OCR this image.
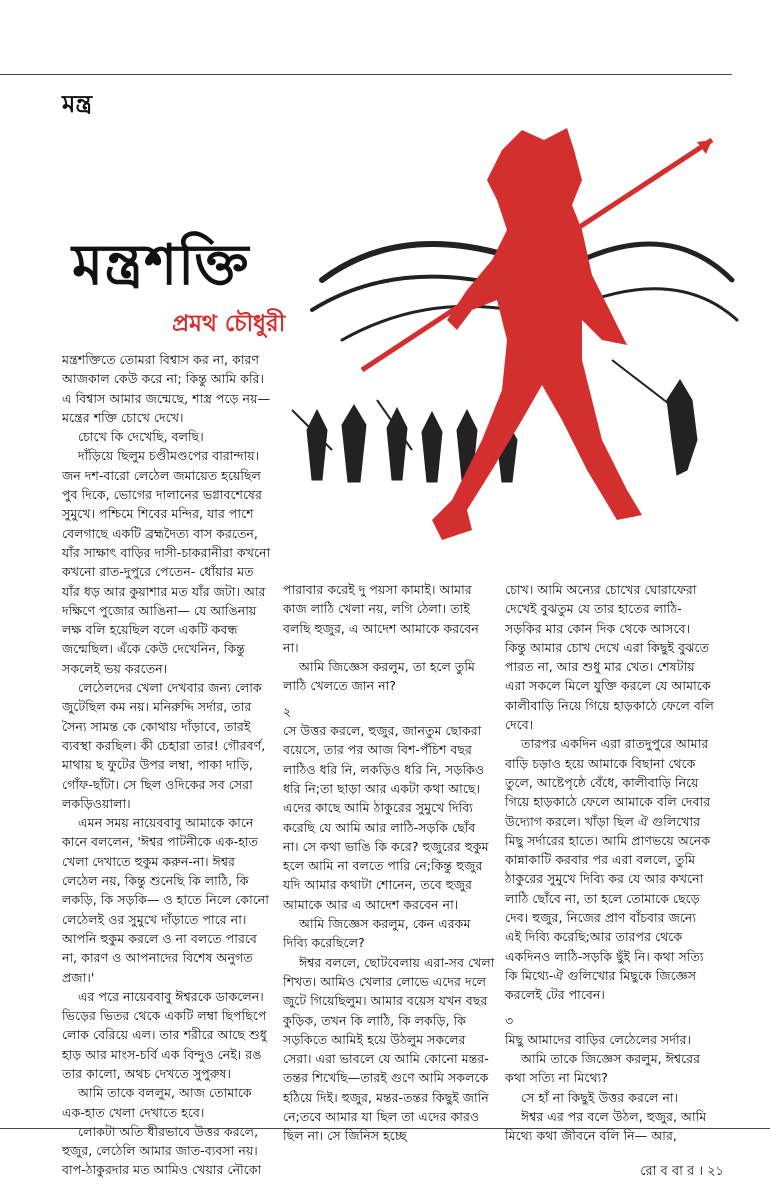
মন্ত্র
মন্ত্রশক্তি
প্রমথ চৌধুরী

মন্ত্রশক্তিতে তোমরা বিশ্বাস কর না, কারণ আজকাল কেউ করে না; কিন্তু আমি করি। এ বিশ্বাস আমার জন্মেছে, শাস্ত্র পড়ে নয়— মন্ত্রের শক্তি চোখে দেখে।

চোখে কি দেখেছি, বলছি।

দাঁড়িয়ে ছিলুম চণ্ডীমণ্ডপের বারান্দায়। জন দশ-বারো লেঠেল জমায়েত হয়েছিল পুব দিকে, ভোগের দালানের ভগ্নাবশেষের সুমুখে। পশ্চিমে শিবের মন্দির, যার পাশে বেলগাছে একটি ব্রহ্মদৈত্য বাস করতেন, যাঁর সাক্ষাৎ বাড়ির দাসী-চাকরানীরা কখনো কখনো রাত-দুপুরে পেতেন- ধোঁয়ার মত যাঁর ধড় আর কুয়াশার মত যাঁর জটা। আর দক্ষিণে পুজোর আঙিনা— যে আঙিনায় লক্ষ বলি হয়েছিল বলে একটি কবন্ধ জন্মেছিল। এঁকে কেউ দেখেনিন, কিন্তু সকলেই ভয় করতেন।

লেঠেলদের খেলা দেখবার জন্য লোক জুটেছিল কম নয়। মনিরুদ্দি সর্দার, তার সৈন্য সামন্ত কে কোথায় দাঁড়াবে, তারই ব্যবস্থা করছিল। কী চেহারা তার! গৌরবর্ণ, মাথায় ছ ফুটের উপর লম্বা, পাকা দাড়ি, গোঁফ-ছাঁটা। সে ছিল ওদিকের সব সেরা লকড়িওয়ালা।

এমন সময় নায়েববাবু আমাকে কানে কানে বললেন, 'ঈশ্বর পাটনীকে এক-হাত খেলা দেখাতে হুকুম করুন-না। ঈশ্বর লেঠেল নয়, কিন্তু শুনেছি কি লাঠি, কি লকড়ি, কি সড়কি— ও হাতে নিলে কোনো লেঠেলই ওর সুমুখে দাঁড়াতে পারে না। আপনি হুকুম করলে ও না বলতে পারবে না, কারণ ও আপনাদের বিশেষ অনুগত প্রজা।'

এর পরে নায়েববাবু ঈশ্বরকে ডাকলেন। ভিড়ের ভিতর থেকে একটি লম্বা ছিপছিপে লোক বেরিয়ে এল। তার শরীরে আছে শুধু হাড় আর মাংস-চর্বি এক বিন্দুও নেই। রঙ তার কালো, অথচ দেখতে সুপুরুষ।

আমি তাকে বললুম, আজ তোমাকে এক-হাত খেলা দেখাতে হবে।

লোকটা অতি ধীরভাবে উত্তর করলে, হুজুর, লেঠেলি আমার জাত-ব্যবসা নয়। বাপ-ঠাকুরদার মত আমিও খেয়ার নৌকো

পারাবার করেই দু পয়সা কামাই। আমার কাজ লাঠি খেলা নয়, লগি ঠেলা। তাই বলছি হুজুর, এ আদেশ আমাকে করবেন না।

আমি জিজ্ঞেস করলুম, তা হলে তুমি লাঠি খেলতে জান না?

২

সে উত্তর করলে, হুজুর, জানতুম ছোকরা বয়েসে, তার পর আজ বিশ-পঁচিশ বছর লাঠিও ধরি নি, লকড়িও ধরি নি, সড়কিও ধরি নি;তা ছাড়া আর একটা কথা আছে। এদের কাছে আমি ঠাকুরের সুমুখে দিব্যি করেছি যে আমি আর লাঠি-সড়কি ছোঁব না। সে কথা ভাঙি কি করে? হুজুরের হুকুম হলে আমি না বলতে পারি নে;কিন্তু হুজুর যদি আমার কথাটা শোনেন, তবে হুজুর আমাকে আর এ আদেশ করবেন না।

আমি জিজ্ঞেস করলুম, কেন এরকম দিব্যি করেছিলে?

ঈশ্বর বললে, ছোটবেলায় এরা-সব খেলা শিখত। আমিও খেলার লোভে এদের দলে জুটে গিয়েছিলুম। আমার বয়েস যখন বছর কুড়িক, তখন কি লাঠি, কি লকড়ি, কি সড়কিতে আমিই হয়ে উঠলুম সকলের সেরা। এরা ভাবলে যে আমি কোনো মন্তর-তন্তর শিখেছি—তারই গুণে আমি সকলকে হঠিয়ে দিই। হুজুর, মন্তর-তন্তর কিছুই জানি নে;তবে আমার যা ছিল তা এদের কারও ছিল না। সে জিনিস হচ্ছে

চোখ। আমি অন্যের চোখের ঘোরাফেরা দেখেই বুঝতুম যে তার হাতের লাঠি-সড়কির মার কোন দিক থেকে আসবে। কিন্তু আমার চোখ দেখে এরা কিছুই বুঝতে পারত না, আর শুধু মার খেত। শেষটায় এরা সকলে মিলে যুক্তি করলে যে আমাকে কালীবাড়ি নিয়ে গিয়ে হাড়কাঠে ফেলে বলি দেবে।

তারপর একদিন এরা রাতদুপুরে আমার বাড়ি চড়াও হয়ে আমাকে বিছানা থেকে তুলে, আষ্টেপৃষ্ঠে বেঁধে, কালীবাড়ি নিয়ে গিয়ে হাড়কাঠে ফেলে আমাকে বলি দেবার উদ্যোগ করলে। খাঁড়া ছিল ঐ গুলিখোর মিছু সর্দারের হাতে। আমি প্রাণভয়ে অনেক কান্নাকাটি করবার পর এরা বললে, তুমি ঠাকুরের সুমুখে দিব্যি কর যে আর কখনো লাঠি ছোঁবে না, তা হলে তোমাকে ছেড়ে দেব। হুজুর, নিজের প্রাণ বাঁচবার জন্যে এই দিব্যি করেছি;আর তারপর থেকে একদিনও লাঠি-সড়কি ছুঁই নি। কথা সত্যি কি মিথ্যে-ঐ গুলিখোর মিছুকে জিজ্ঞেস করলেই টের পাবেন।

৩

মিছু আমাদের বাড়ির লেঠেলের সর্দার।

আমি তাকে জিজ্ঞেস করলুম, ঈশ্বরের কথা সত্যি না মিথ্যে?

সে হাঁ না কিছুই উত্তর করলে না।

ঈশ্বর এর পর বলে উঠল, হুজুর, আমি মিথ্যে কথা জীবনে বলি নি— আর,

রো ব বা র । ২১
